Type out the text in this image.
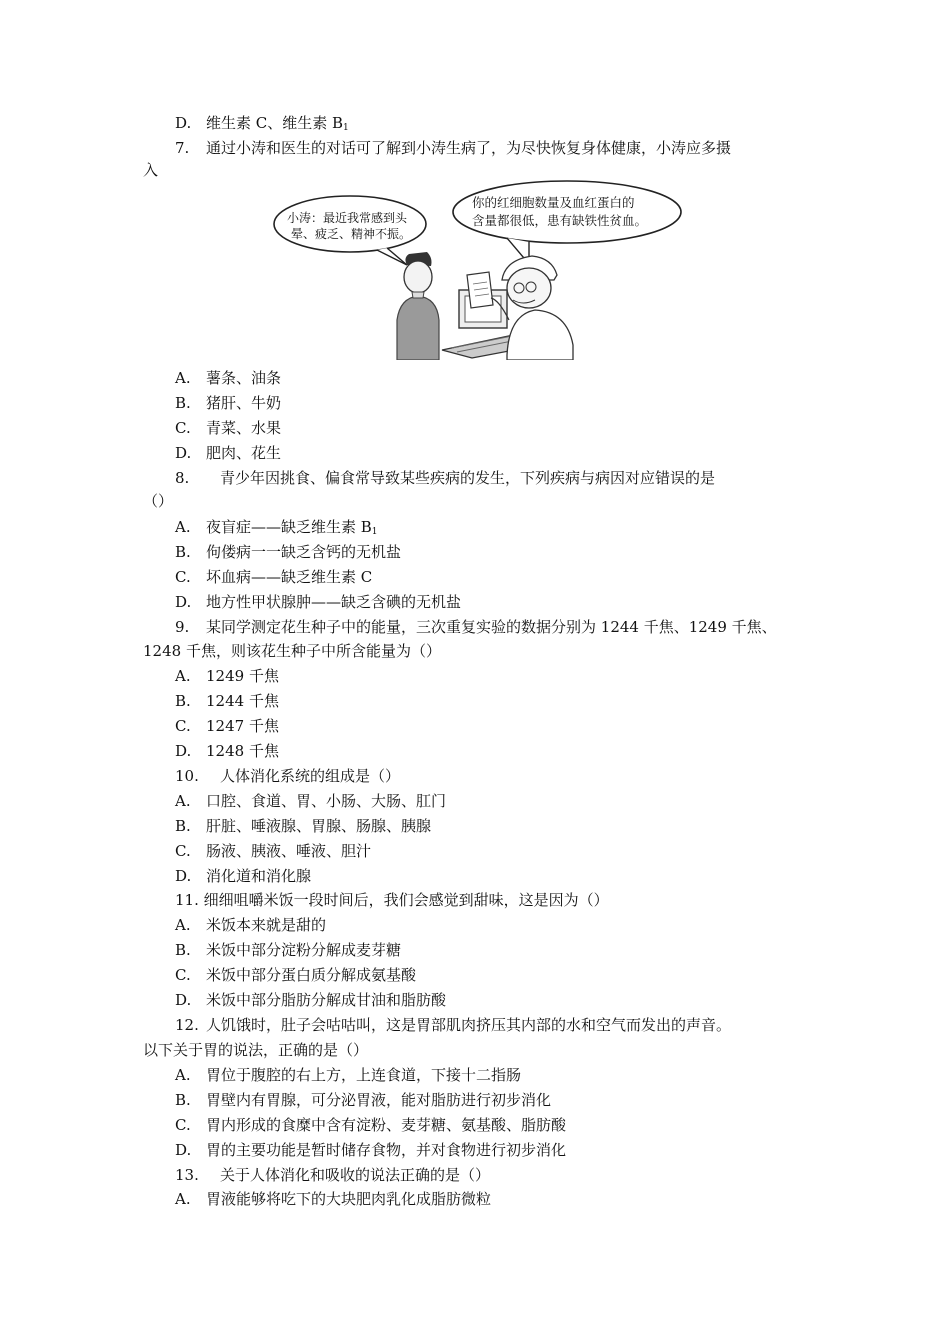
D. 维生素 C、维生素 $B_1$
7. 通过小涛和医生的对话可了解到小涛生病了，为尽快恢复身体健康，小涛应多摄
入
小涛：最近我常感到头
晕、疲乏、精神不振。
你的红细胞数量及血红蛋白的
含量都很低，患有缺铁性贫血。
A. 薯条、油条
B. 猪肝、牛奶
C. 青菜、水果
D. 肥肉、花生
8. 青少年因挑食、偏食常导致某些疾病的发生，下列疾病与病因对应错误的是
（）
A. 夜盲症——缺乏维生素 $B_1$
B. 佝偻病一一缺乏含钙的无机盐
C. 坏血病——缺乏维生素 C
D. 地方性甲状腺肿——缺乏含碘的无机盐
9. 某同学测定花生种子中的能量，三次重复实验的数据分别为 1244 千焦、1249 千焦、
1248 千焦，则该花生种子中所含能量为（）
A. 1249 千焦
B. 1244 千焦
C. 1247 千焦
D. 1248 千焦
10. 人体消化系统的组成是（）
A. 口腔、食道、胃、小肠、大肠、肛门
B. 肝脏、唾液腺、胃腺、肠腺、胰腺
C. 肠液、胰液、唾液、胆汁
D. 消化道和消化腺
11. 细细咀嚼米饭一段时间后，我们会感觉到甜味，这是因为（）
A. 米饭本来就是甜的
B. 米饭中部分淀粉分解成麦芽糖
C. 米饭中部分蛋白质分解成氨基酸
D. 米饭中部分脂肪分解成甘油和脂肪酸
12. 人饥饿时，肚子会咕咕叫，这是胃部肌肉挤压其内部的水和空气而发出的声音。
以下关于胃的说法，正确的是（）
A. 胃位于腹腔的右上方，上连食道，下接十二指肠
B. 胃壁内有胃腺，可分泌胃液，能对脂肪进行初步消化
C. 胃内形成的食糜中含有淀粉、麦芽糖、氨基酸、脂肪酸
D. 胃的主要功能是暂时储存食物，并对食物进行初步消化
13. 关于人体消化和吸收的说法正确的是（）
A. 胃液能够将吃下的大块肥肉乳化成脂肪微粒
